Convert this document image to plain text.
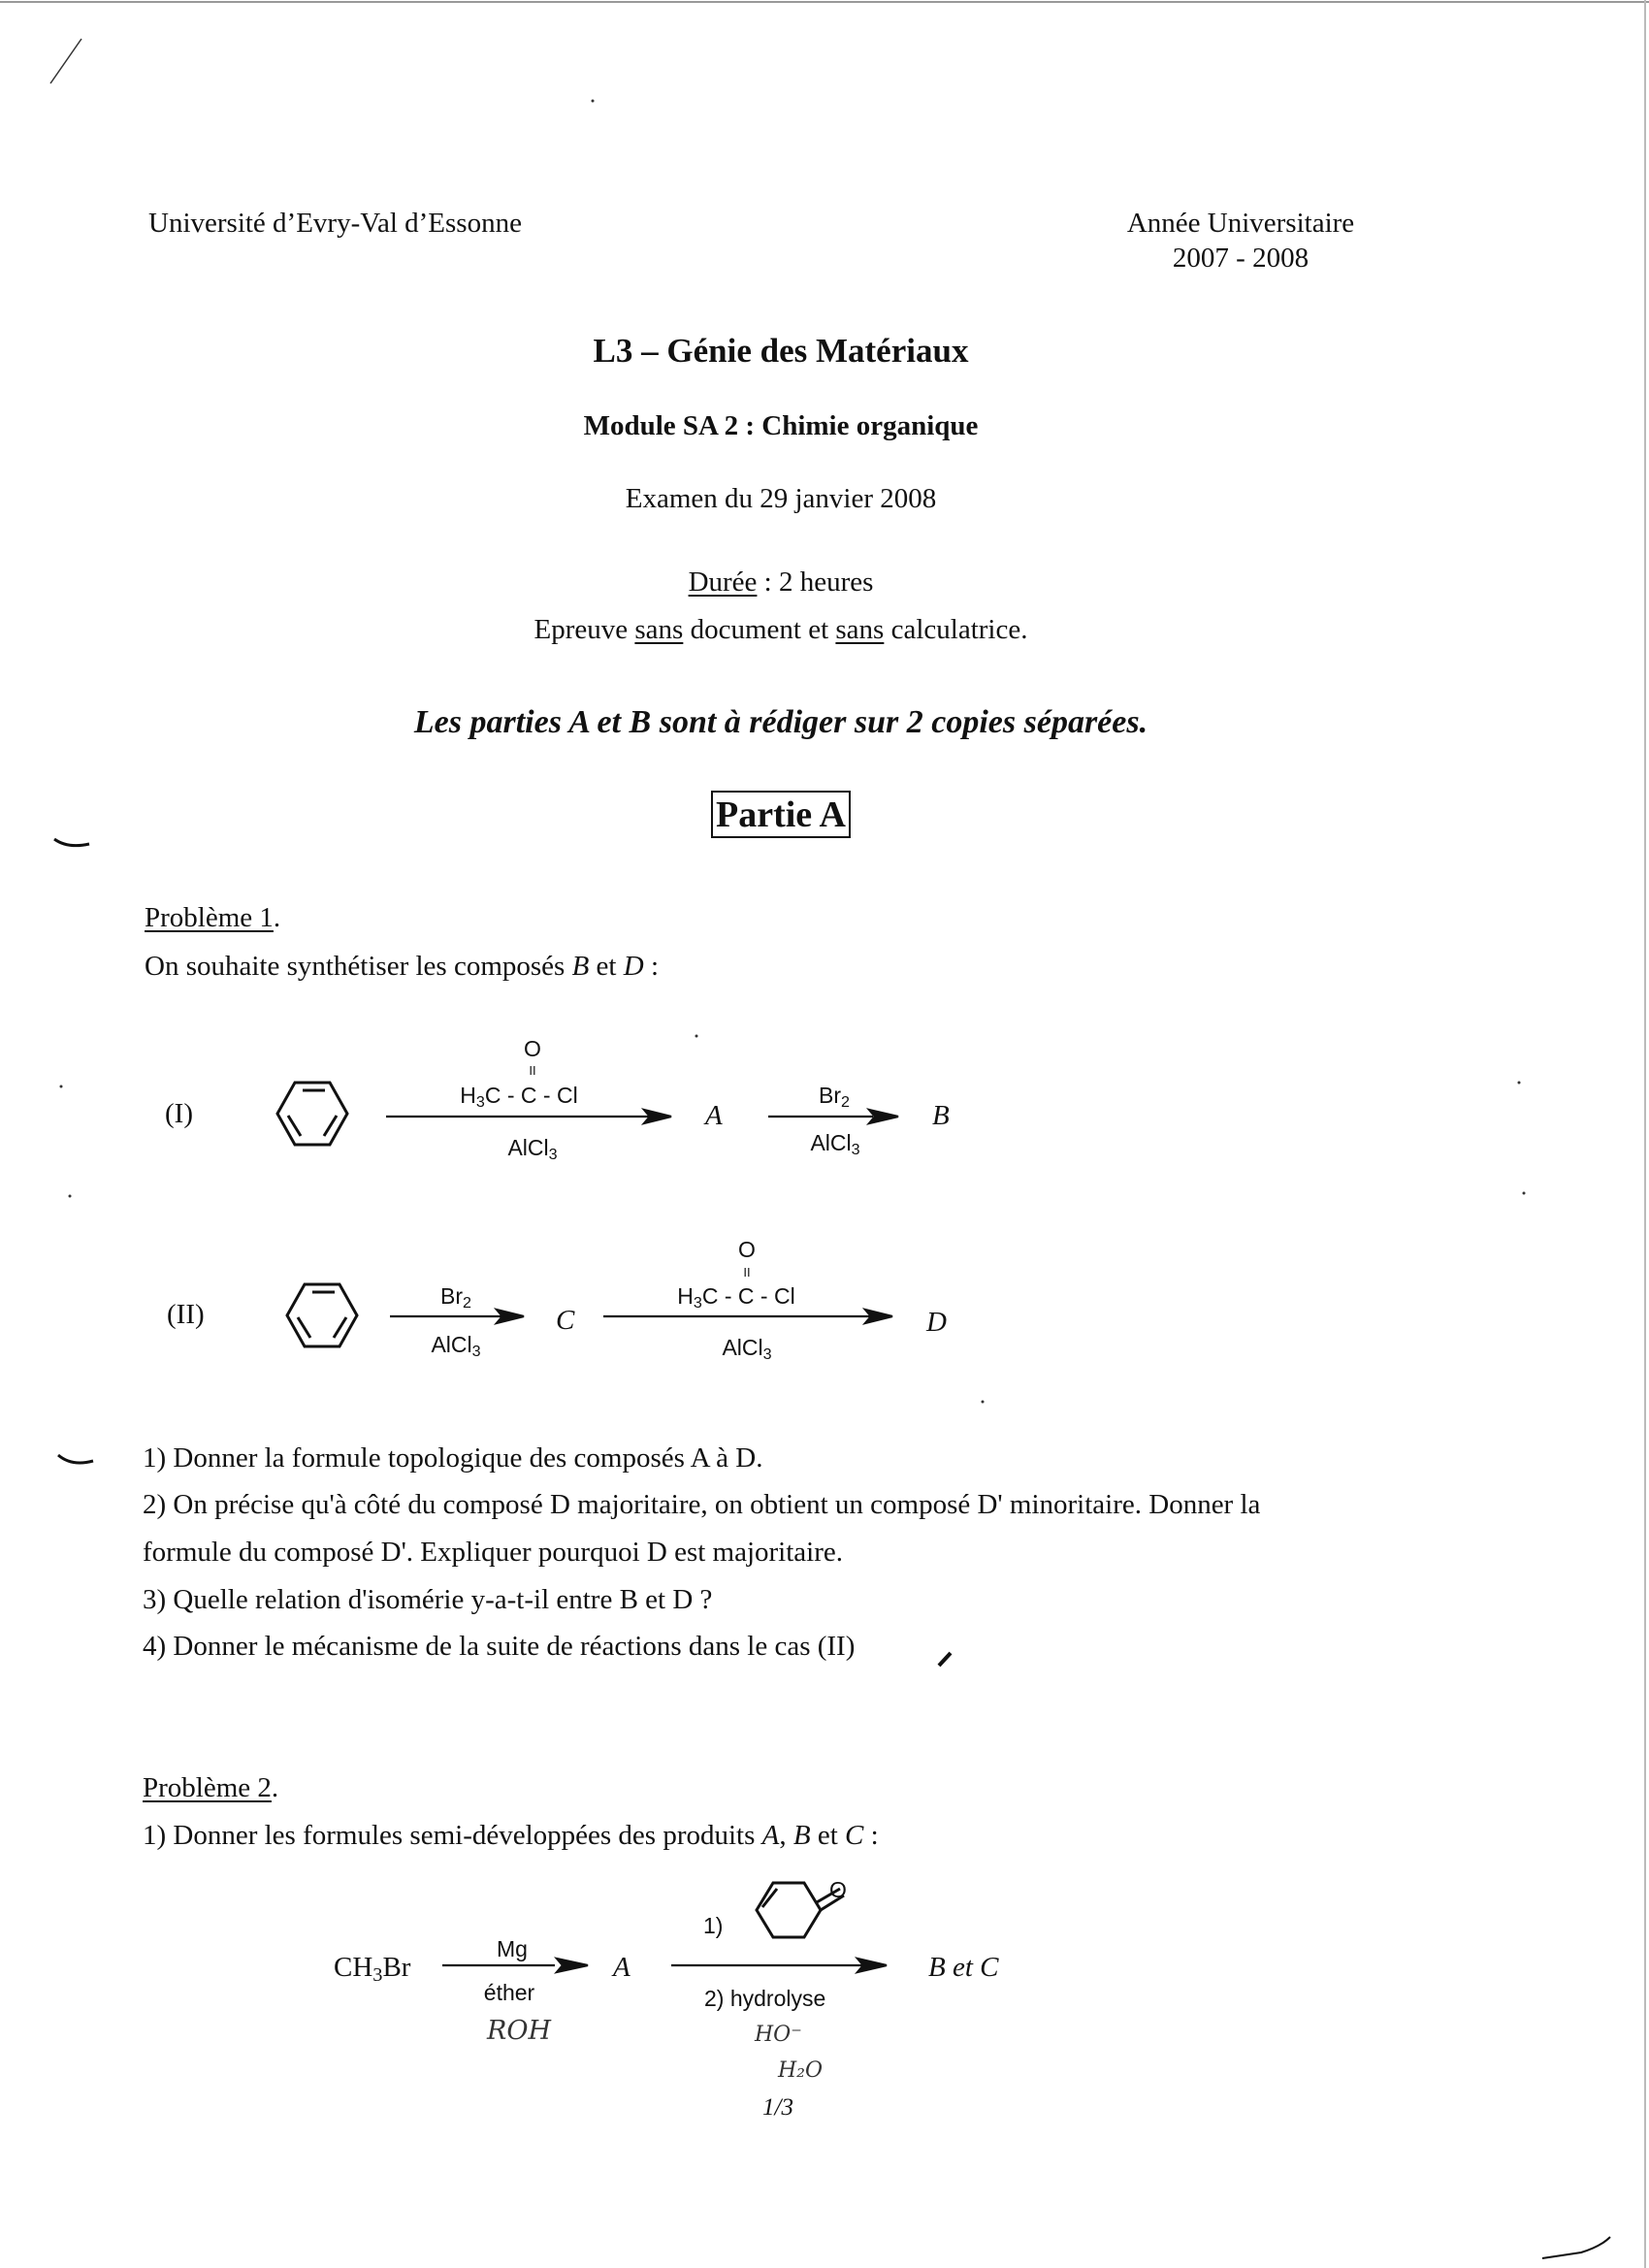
Université d’Evry-Val d’Essonne	Année Universitaire
2007 - 2008
L3 – Génie des Matériaux
Module SA 2 : Chimie organique
Examen du 29 janvier 2008
Durée : 2 heures
Epreuve sans document et sans calculatrice.
Les parties A et B sont à rédiger sur 2 copies séparées.
Partie A
Problème 1.
On souhaite synthétiser les composés B et D :
(I)
O
II
$H_3C$ - C - Cl
AlCl$_3$
A
$Br_2$
AlCl$_3$
B
(II)
$Br_2$
AlCl$_3$
C
O
II
$H_3C$ - C - Cl
AlCl$_3$
D
1) Donner la formule topologique des composés A à D.
2) On précise qu'à côté du composé D majoritaire, on obtient un composé D' minoritaire. Donner la
formule du composé D'. Expliquer pourquoi D est majoritaire.
3) Quelle relation d'isomérie y-a-t-il entre B et D ?
4) Donner le mécanisme de la suite de réactions dans le cas (II)
Problème 2.
1) Donner les formules semi-développées des produits A, B et C :
$CH_3Br$
Mg
éther
A
1)
O
2) hydrolyse
B et C
ROH	HO⁻
H₂O
1/3
